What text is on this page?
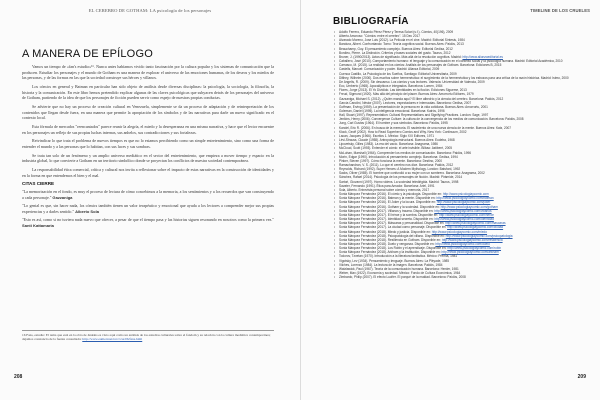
EL CEREBRO DE GOTHAM: LA psicología de los personajes
A MANERA DE EPÍLOGO

Vamos un tiempo de «fan's estudio»¹⁶. Nunca antes habíamos vivido tanto fascinación por la cultura popular y los sistemas de comunicación que la producen. Estudiar los personajes y el mundo de Gotham es una manera de explorar el universo de las emociones humanas, de los deseos y los miedos de las personas, y de las formas en las que la sociedad construye sus héroes y villanos.

Los cómics en general y Batman en particular han sido objeto de análisis desde diversas disciplinas: la psicología, la sociología, la filosofía, la historia y la comunicación. En este libro hemos pretendido explicar algunas de las claves psicológicas que subyacen detrás de los personajes del universo de Gotham, partiendo de la idea de que los personajes de ficción pueden servir como espejo de nuestras propias conductas.

Se advierte que no hay un proceso de creación cultural en Venezuela, simplemente se da un proceso de adaptación y de reinterpretación de los contenidos que llegan desde fuera, en una manera que permite la apropiación de los símbolos y de las narrativas para darle un nuevo significado en el contexto local.

Esta fórmula de mercados "reencantados" parece reunir la alegría, el miedo y la desesperanza en una misma narrativa, y hace que el lector encuentre en los personajes un reflejo de sus propias luchas internas, sus anhelos, sus contradicciones y sus fortalezas.

Reivindicar lo que trata el problema de nuevos tiempos es que no lo estamos percibiendo como un simple entretenimiento, sino como una forma de entender el mundo y a las personas que lo habitan, con sus luces y sus sombras.

Se trata tan solo de un fenómeno y un amplio universo mediático en el sector del entretenimiento, que empieza a mover tiempo y espacio en la industria global, lo que convierte a Gotham en un territorio simbólico donde se proyectan los conflictos de nuestra sociedad contemporánea.

La responsabilidad ética comercial, crítica y cultural nos invita a reflexionar sobre el impacto de estas narrativas en la construcción de identidades y en la forma en que entendemos el bien y el mal.

CITAS CIERRE
"La memorización en el fondo, es muy el proceso de lectura de cómo concebimos a la memoria, a los sentimientos y a los recuerdos que van construyendo a cada personaje." Gazzaniga
"Lo genial es que, sin hacer nada, los cómics también tienen un valor terapéutico y emocional que ayuda a los lectores a comprender mejor sus propias experiencias y a darles sentido." Alberto Sola
"Esto es así, como si no tuviera nada nuevo que ofrecer, a pesar de que el tiempo pasa y las historias siguen resonando en nosotros como la primera vez." Santi Kattamaria
16 Fans, estudio: El tema que está en la obra de Jenkins es visto aquí como un análisis de los estudios culturales sobre el fandom y su relación con la cultura mediática contemporánea; dejamos constancia de la fuente consultada: http://www.eumed.net/rev/ccss/06/fans.html
208
TIMELINE DE LOS CRUELES
BIBLIOGRAFÍA
• Adolfo Ferrero, Eduardo Pérez Pérez y Teresa Solari (s.f.). Cómics, 40(196), 2009
• Alberto Amoroso: "Cómics: entre el cerebro". 15 Dec 2017
• Alvarado Moreno, Jose Luis (2012). La Película en el cine. Madrid: Editorial Síntesis, 1984
• Bandura, Albert. Confrontando: Tomo: Teoría cognitiva social. Buenos Aires: Paidós, 2013
• Beauchamp, Guy. El pensamiento complejo. Buenos Aires: Editorial Gedisa, 2012
• Bordieu, Pierre. La Distinción. Criterios y bases sociales del gusto. Taurus, 2012
• Bruner, J. (1990/2013). Actos de significado. Más allá de la revolución cognitiva. Madrid: http://www.alianzaeditorial.es
• Caballero, José (2010). Comportamiento humano: el lenguaje y la comunicación en el contexto social y la psicología humana. Madrid: Editorial Académica, 2010
• Carrasco, M. (2015). La realidad en los cómics: Análisis de los personajes de Gotham. Barcelona: Ediciones B, 2015
• Castells, Manuel: Comunicación y poder. Madrid: Alianza Editorial, 2009
• Cuenca Castillo, La Psicología de los Sueños, Santiago: Editorial Universitaria, 2009
• Dilthey, Wilhelm (2000). Dos escritos sobre hermenéutica: el surgimiento de la hermenéutica y los esbozos para una crítica de la razón histórica. Madrid: Istmo, 2000
• De Angelis, R. (2009). Sin descanso. Los cómics y sus lectores. Valencia: Universidad de Valencia, 2009
• Eco, Umberto (1965). Apocalípticos e integrados. Barcelona: Lumen, 1984
• Flores, Jorge (2013). El Yo Dividido. Las identidades en la ficción. Ediciones Sigueme, 2013
• Freud, Sigmund (1920). Más allá del principio del placer. Buenos Aires: Amorrortu Editores, 1979
• Gazzaniga, Michael S. (2012). ¿Quién manda aquí? El libre albedrío y la ciencia del cerebro. Barcelona: Paidós, 2012
• García Canclini, Néstor (2007). Lectores, espectadores e internautas. Barcelona: Gedisa, 2007
• Goffman, Erving (1959). La presentación de la persona en la vida cotidiana. Buenos Aires: Amorrortu, 2001
• Goleman, Daniel (1995). La inteligencia emocional. Barcelona: Kairós, 1996
• Hall, Stuart (1997). Representation: Cultural Representations and Signifying Practices. London: Sage, 1997
• Jenkins, Henry (2006). Convergence Culture: la cultura de la convergencia de los medios de comunicación. Barcelona: Paidós, 2008
• Jung, Carl Gustav (1964). El hombre y sus símbolos. Barcelona: Paidós, 1995
• Kandel, Eric R. (2006). En busca de la memoria. El nacimiento de una nueva ciencia de la mente. Buenos Aires: Katz, 2007
• Klock, Geoff (2002). How to Read Superhero Comics and Why. New York: Continuum, 2002
• Lacan, Jacques (1966). Escritos 1. México: Siglo XXI Editores, 1971
• Lévi-Strauss, Claude (1958). Antropología estructural. Buenos Aires: Eudeba, 1968
• Lipovetsky, Gilles (1983). La era del vacío. Barcelona: Anagrama, 1986
• McCloud, Scott (1993). Entender el cómic: el arte invisible. Bilbao: Astiberri, 2005
• McLuhan, Marshall (1964). Comprender los medios de comunicación. Barcelona: Paidós, 1996
• Morin, Edgar (1990). Introducción al pensamiento complejo. Barcelona: Gedisa, 1994
• Pinker, Steven (1997). Cómo funciona la mente. Barcelona: Destino, 2000
• Ramachandran, V. S. (2011). Lo que el cerebro nos dice. Barcelona: Paidós, 2012
• Reynolds, Richard (1992). Super Heroes: A Modern Mythology. London: Batsford, 1992
• Sacks, Oliver (1985). El hombre que confundió a su mujer con un sombrero. Barcelona: Anagrama, 2002
• Sánchez, Rafael (2014). Psicología de los personajes de ficción. Madrid: Pirámide, 2014
• Sartori, Giovanni (1997). Homo videns. La sociedad teledirigida. Madrid: Taurus, 1998
• Savater, Fernando (1991). Ética para Amador. Barcelona: Ariel, 1991
• Sola, Alberto. Entrevista personal sobre cómics y memoria, 2017
• Sonia Márquez Fernández (2016). El cómic y la psicología. Disponible en: http://www.psicologiaycomic.com
• Sonia Márquez Fernández (2016). Batman y la mente. Disponible en: http://www.psicologiaycomic.com/batman
• Sonia Márquez Fernández (2016). El Joker y la locura. Disponible en: http://www.psicologiaycomic.com/joker
• Sonia Márquez Fernández (2016). Gotham y la sociedad. Disponible en: http://www.psicologiaycomic.com/gotham
• Sonia Márquez Fernández (2017). Villanos y trauma. Disponible en: http://www.psicologiaycomic.com/villanos
• Sonia Márquez Fernández (2017). El héroe y la sombra. Disponible en: http://www.psicologiaycomic.com/heroe
• Sonia Márquez Fernández (2017). Identidad secreta. Disponible en: http://www.psicologiaycomic.com/identidad
• Sonia Márquez Fernández (2017). Máscaras y personalidad. Disponible en: http://www.psicologiaycomic.com/mascaras
• Sonia Márquez Fernández (2017). La ciudad como personaje. Disponible en: http://www.psicologiaycomic.com/ciudad
• Sonia Márquez Fernández (2018). Miedo y justicia. Disponible en: http://www.psicologiaycomic.com/miedo
• Sonia Márquez Fernández (2018). Psicopatología del villano. Disponible en: http://www.psicologiaycomic.com/psicopatologia
• Sonia Márquez Fernández (2018). Resiliencia en Gotham. Disponible en: http://www.psicologiaycomic.com/resiliencia
• Sonia Márquez Fernández (2018). Duelo y venganza. Disponible en: http://www.psicologiaycomic.com/duelo
• Sonia Márquez Fernández (2018). Los Robin y el aprendizaje. Disponible en: http://www.psicologiaycomic.com/robin
• Sonia Márquez Fernández (2018). Arkham y la institución. Disponible en: http://www.psicologiaycomic.com/arkham
• Todorov, Tzvetan (1970). Introducción a la literatura fantástica. México: Premia, 1981
• Vigotsky, Lev (1934). Pensamiento y lenguaje. Buenos Aires: La Pléyade, 1985
• Vilches, Lorenzo (1984). La lectura de la imagen. Barcelona: Paidós, 1984
• Watzlawick, Paul (1967). Teoría de la comunicación humana. Barcelona: Herder, 1981
• Weber, Max (1922). Economía y sociedad. México: Fondo de Cultura Económica, 1964
• Zimbardo, Philip (2007). El efecto Lucifer. El porqué de la maldad. Barcelona: Paidós, 2008
209
